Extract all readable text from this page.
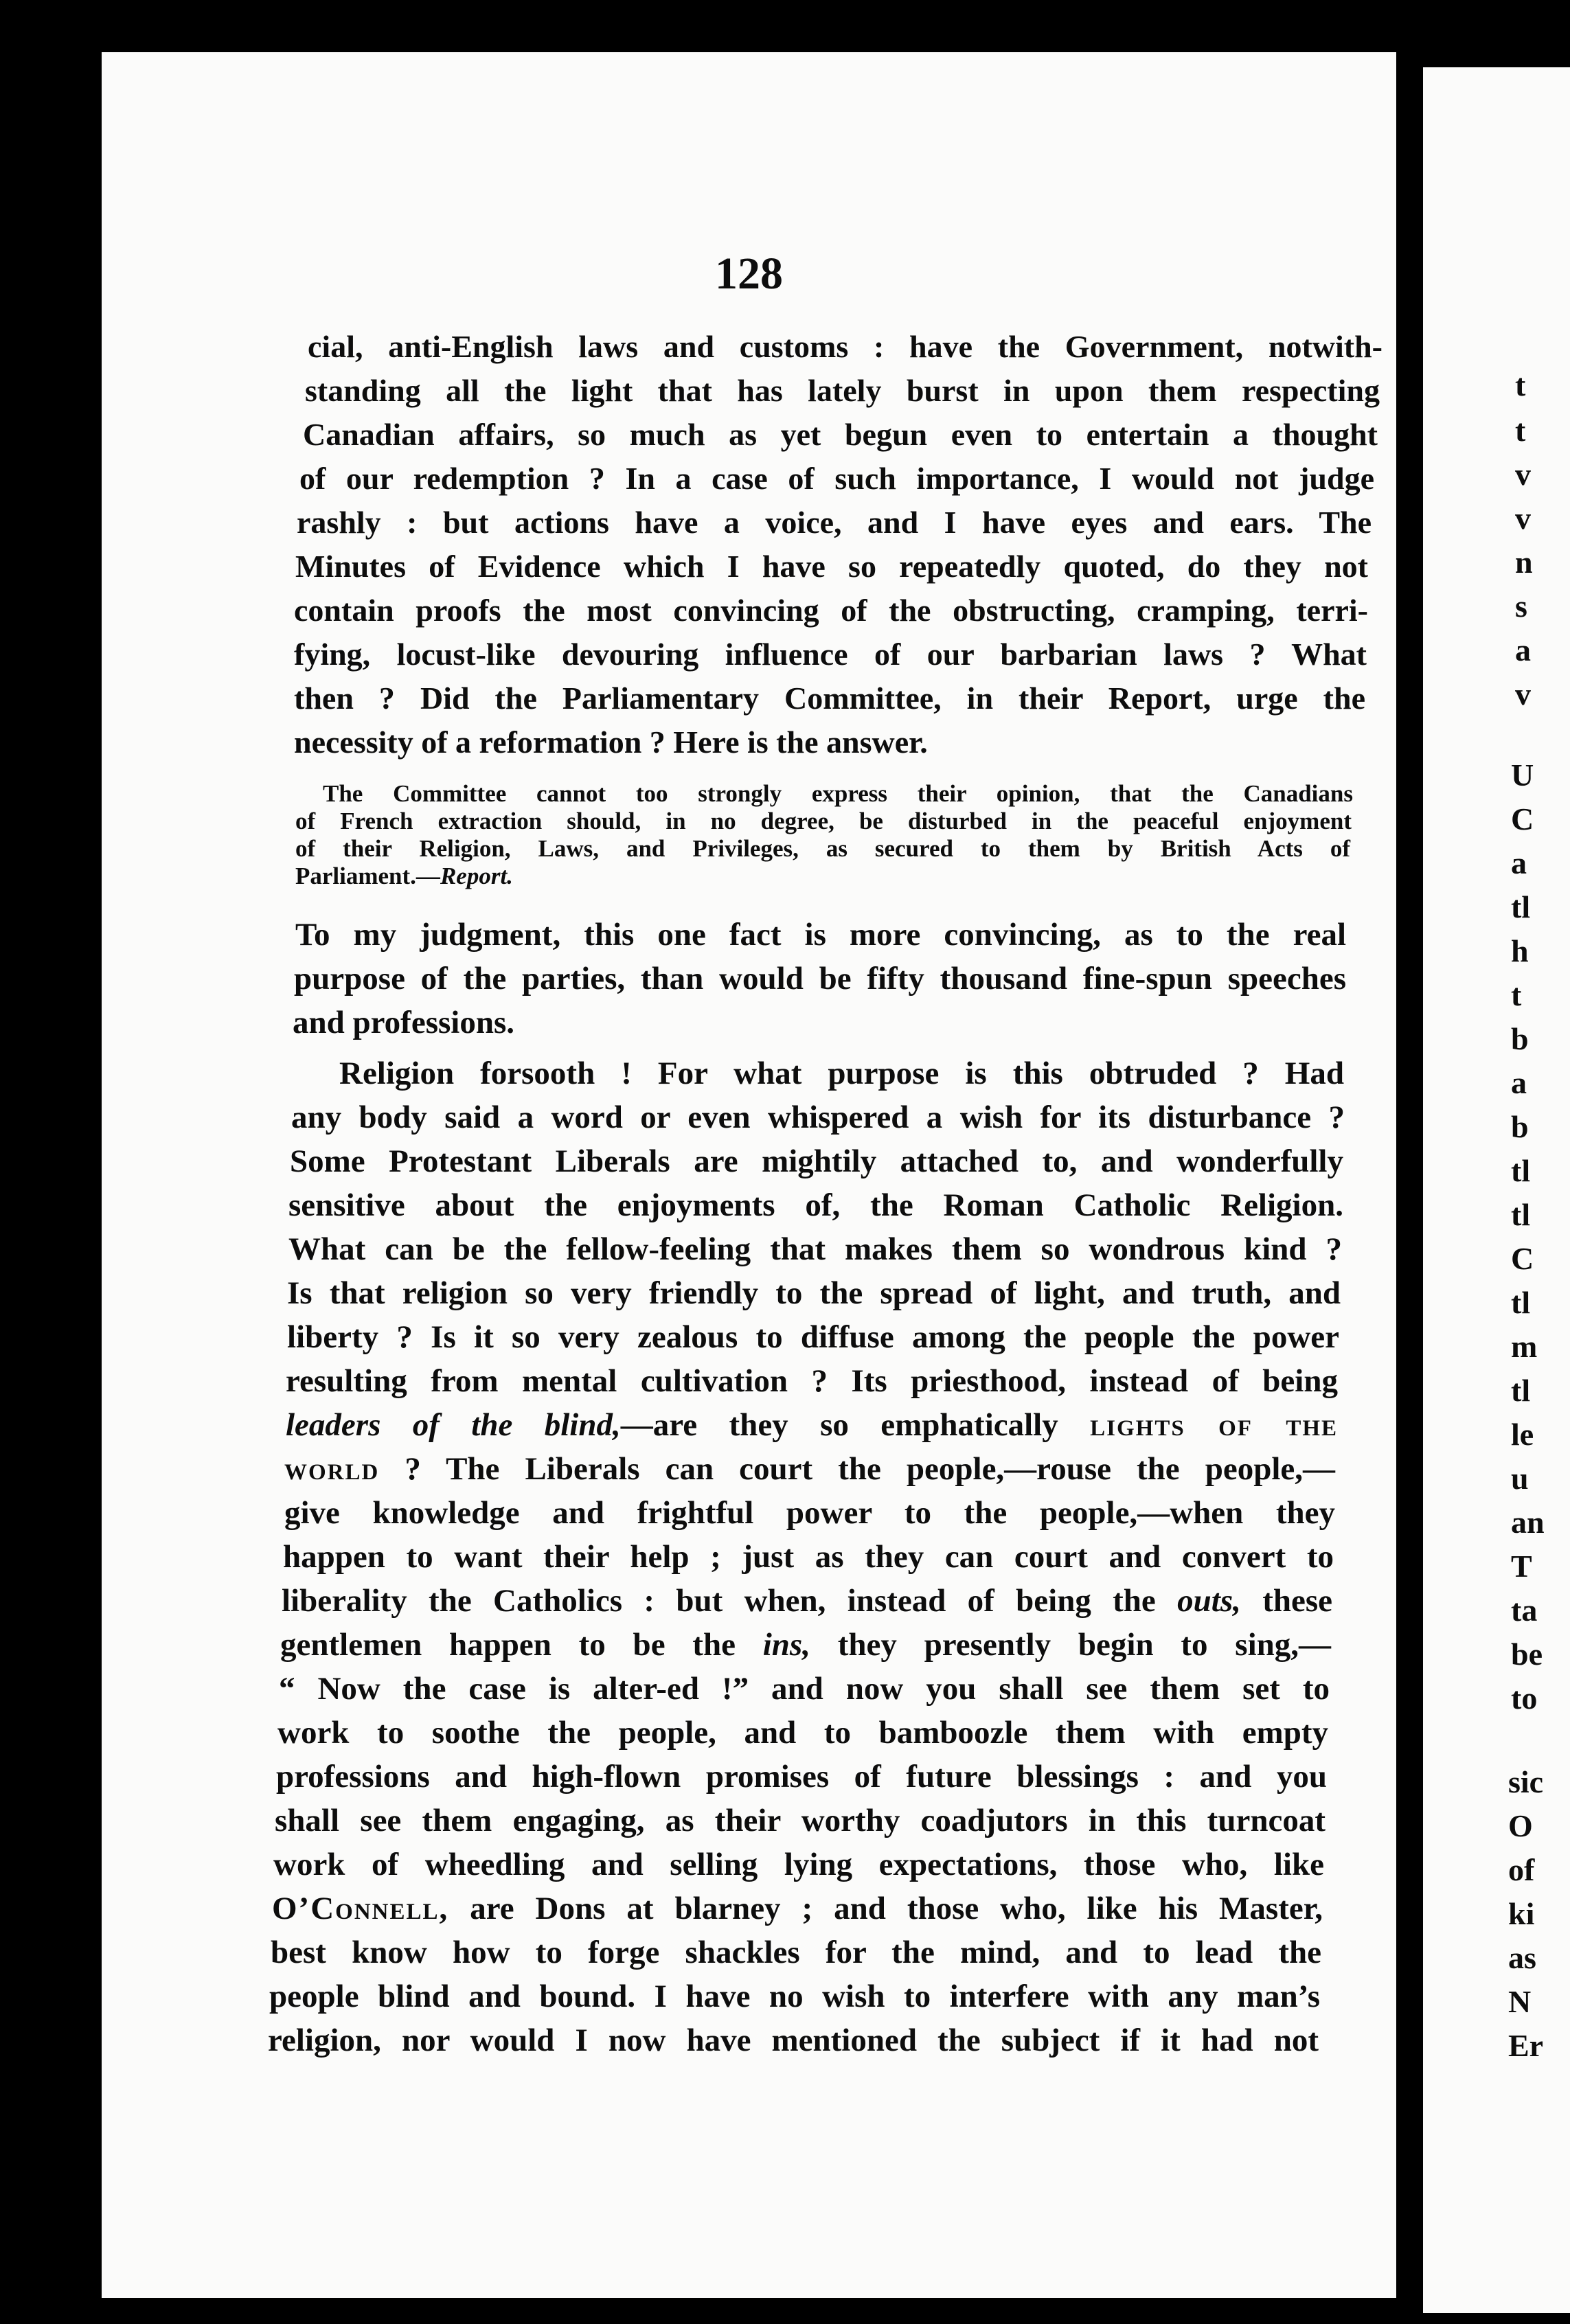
128
cial, anti-English laws and customs : have the Government, notwith-
standing all the light that has lately burst in upon them respecting
Canadian affairs, so much as yet begun even to entertain a thought
of our redemption ? In a case of such importance, I would not judge
rashly : but actions have a voice, and I have eyes and ears. The
Minutes of Evidence which I have so repeatedly quoted, do they not
contain proofs the most convincing of the obstructing, cramping, terri-
fying, locust-like devouring influence of our barbarian laws ? What
then ? Did the Parliamentary Committee, in their Report, urge the
necessity of a reformation ? Here is the answer.
The Committee cannot too strongly express their opinion, that the Canadians
of French extraction should, in no degree, be disturbed in the peaceful enjoyment
of their Religion, Laws, and Privileges, as secured to them by British Acts of
Parliament.—Report.
To my judgment, this one fact is more convincing, as to the real
purpose of the parties, than would be fifty thousand fine-spun speeches
and professions.
Religion forsooth ! For what purpose is this obtruded ? Had
any body said a word or even whispered a wish for its disturbance ?
Some Protestant Liberals are mightily attached to, and wonderfully
sensitive about the enjoyments of, the Roman Catholic Religion.
What can be the fellow-feeling that makes them so wondrous kind ?
Is that religion so very friendly to the spread of light, and truth, and
liberty ? Is it so very zealous to diffuse among the people the power
resulting from mental cultivation ? Its priesthood, instead of being
leaders of the blind,—are they so emphatically lights of the
world ? The Liberals can court the people,—rouse the people,—
give knowledge and frightful power to the people,—when they
happen to want their help ; just as they can court and convert to
liberality the Catholics : but when, instead of being the outs, these
gentlemen happen to be the ins, they presently begin to sing,—
“ Now the case is alter-ed !” and now you shall see them set to
work to soothe the people, and to bamboozle them with empty
professions and high-flown promises of future blessings : and you
shall see them engaging, as their worthy coadjutors in this turncoat
work of wheedling and selling lying expectations, those who, like
O’Connell, are Dons at blarney ; and those who, like his Master,
best know how to forge shackles for the mind, and to lead the
people blind and bound. I have no wish to interfere with any man’s
religion, nor would I now have mentioned the subject if it had not
t
t
v
v
n
s
a
v
U
C
a
tl
h
t
b
a
b
tl
tl
C
tl
m
tl
le
u
an
T
ta
be
to
sic
O
of
ki
as
N
Er
